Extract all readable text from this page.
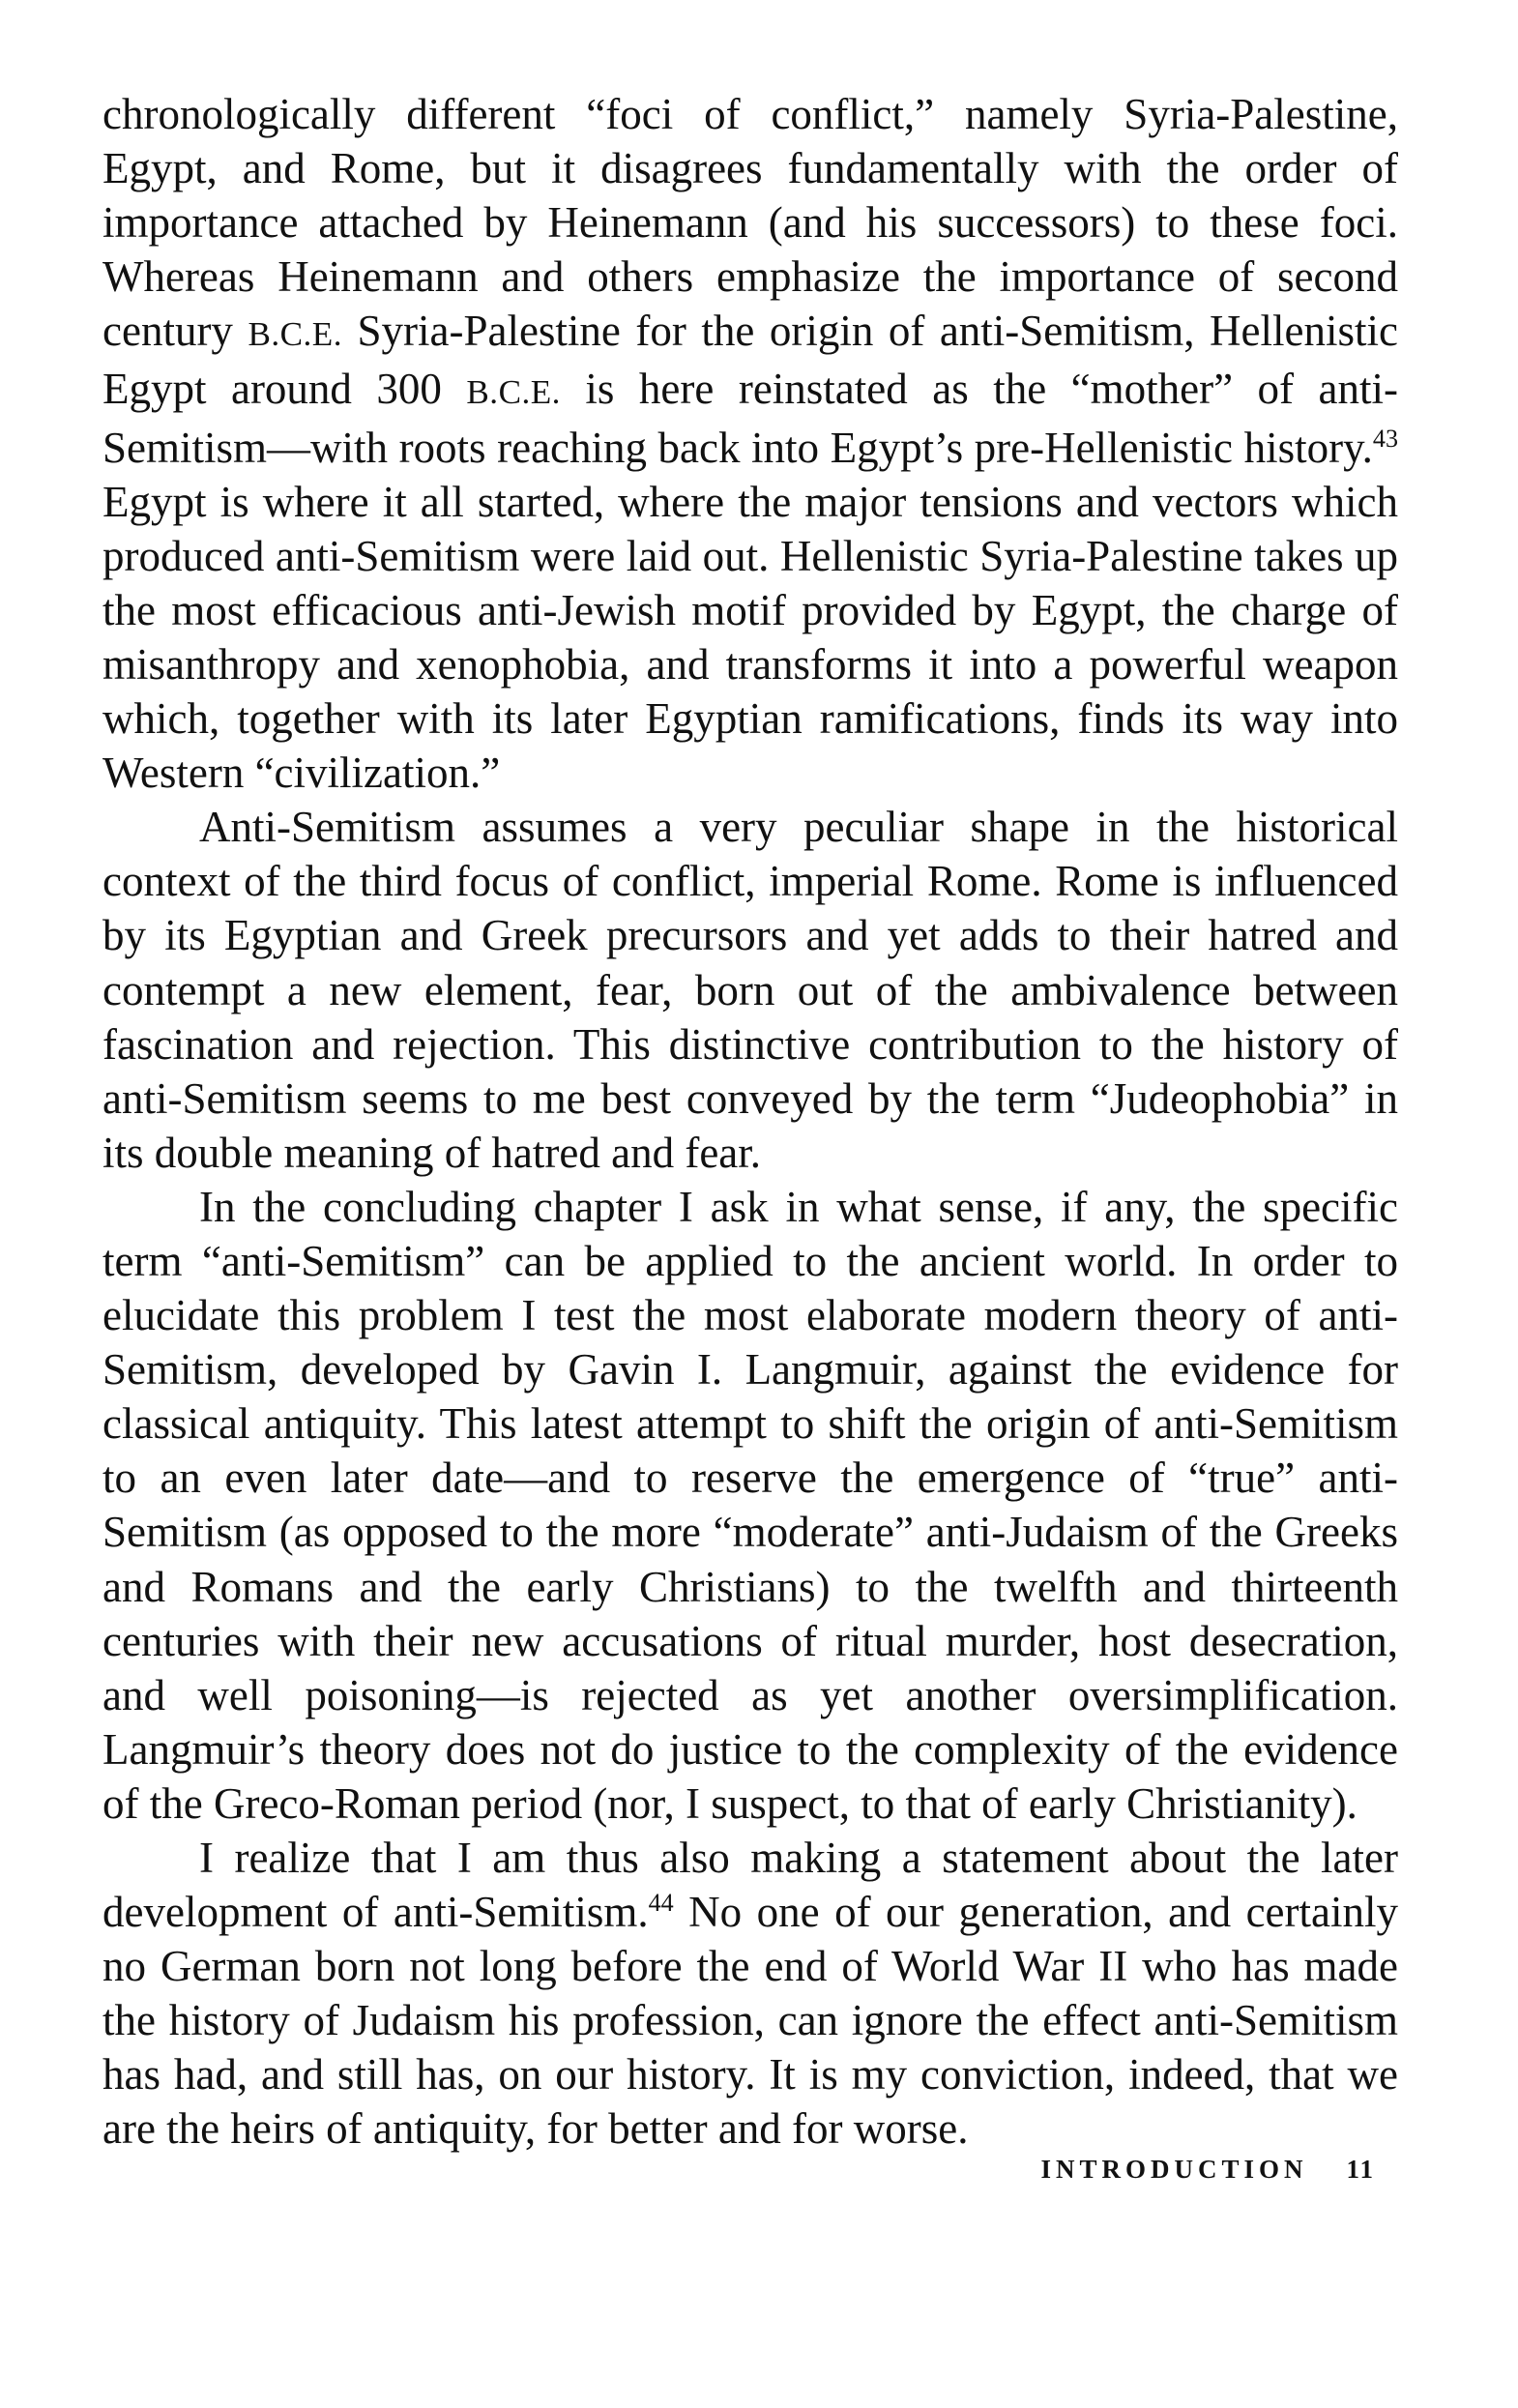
chronologically different “foci of conflict,” namely Syria-Palestine, Egypt, and Rome, but it disagrees fundamentally with the order of importance attached by Heinemann (and his successors) to these foci. Whereas Heinemann and others emphasize the importance of second century B.C.E. Syria-Palestine for the origin of anti-Semitism, Hellenistic Egypt around 300 B.C.E. is here reinstated as the “mother” of anti-Semitism—with roots reaching back into Egypt’s pre-Hellenistic history.$^{43}$ Egypt is where it all started, where the major tensions and vectors which produced anti-Semitism were laid out. Hellenistic Syria-Palestine takes up the most efficacious anti-Jewish motif provided by Egypt, the charge of misanthropy and xenophobia, and transforms it into a powerful weapon which, together with its later Egyptian ramifications, finds its way into Western “civilization.”

Anti-Semitism assumes a very peculiar shape in the historical context of the third focus of conflict, imperial Rome. Rome is influenced by its Egyptian and Greek precursors and yet adds to their hatred and contempt a new element, fear, born out of the ambivalence between fascination and rejection. This distinctive contribution to the history of anti-Semitism seems to me best conveyed by the term “Judeophobia” in its double meaning of hatred and fear.

In the concluding chapter I ask in what sense, if any, the specific term “anti-Semitism” can be applied to the ancient world. In order to elucidate this problem I test the most elaborate modern theory of anti-Semitism, developed by Gavin I. Langmuir, against the evidence for classical antiquity. This latest attempt to shift the origin of anti-Semitism to an even later date—and to reserve the emergence of “true” anti-Semitism (as opposed to the more “moderate” anti-Judaism of the Greeks and Romans and the early Christians) to the twelfth and thirteenth centuries with their new accusations of ritual murder, host desecration, and well poisoning—is rejected as yet another oversimplification. Langmuir’s theory does not do justice to the complexity of the evidence of the Greco-Roman period (nor, I suspect, to that of early Christianity).

I realize that I am thus also making a statement about the later development of anti-Semitism.$^{44}$ No one of our generation, and certainly no German born not long before the end of World War II who has made the history of Judaism his profession, can ignore the effect anti-Semitism has had, and still has, on our history. It is my conviction, indeed, that we are the heirs of antiquity, for better and for worse.

INTRODUCTION 11
